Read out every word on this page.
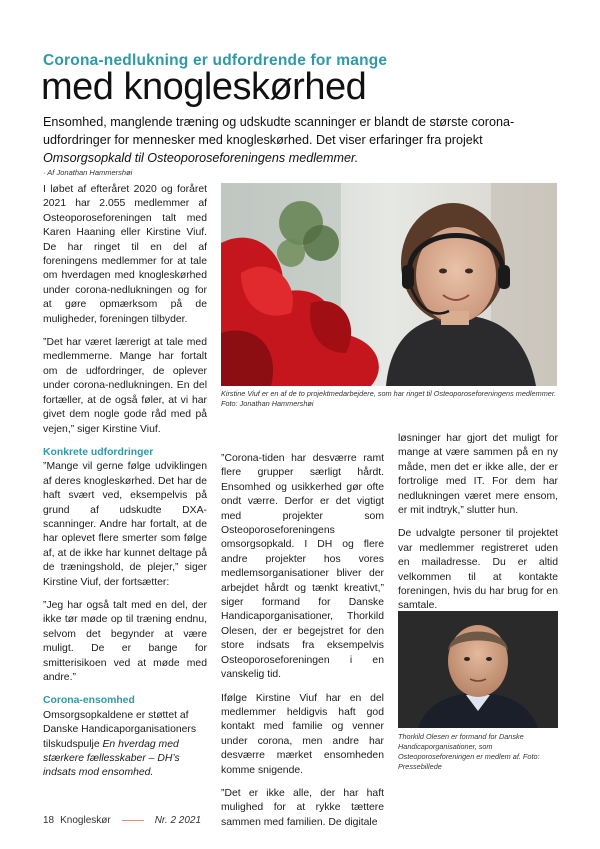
Corona-nedlukning er udfordrende for mange
med knogleskørhed
Ensomhed, manglende træning og udskudte scanninger er blandt de største corona-udfordringer for mennesker med knogleskørhed. Det viser erfaringer fra projekt Omsorgsopkald til Osteoporoseforeningens medlemmer.
· Af Jonathan Hammershøi

I løbet af efteråret 2020 og foråret 2021 har 2.055 medlemmer af Osteoporoseforeningen talt med Karen Haaning eller Kirstine Viuf. De har ringet til en del af foreningens medlemmer for at tale om hverdagen med knogleskørhed under corona-nedlukningen og for at gøre opmærksom på de muligheder, foreningen tilbyder.

”Det har været lærerigt at tale med medlemmerne. Mange har fortalt om de udfordringer, de oplever under corona-nedlukningen. En del fortæller, at de også føler, at vi har givet dem nogle gode råd med på vejen,” siger Kirstine Viuf.

Konkrete udfordringer

”Mange vil gerne følge udviklingen af deres knogleskørhed. Det har de haft svært ved, eksempelvis på grund af udskudte DXA-scanninger. Andre har fortalt, at de har oplevet flere smerter som følge af, at de ikke har kunnet deltage på de træningshold, de plejer,” siger Kirstine Viuf, der fortsætter:

”Jeg har også talt med en del, der ikke tør møde op til træning endnu, selvom det begynder at være muligt. De er bange for smitterisikoen ved at møde med andre.”

Corona-ensomhed

Omsorgsopkaldene er støttet af Danske Handicaporganisationers tilskudspulje En hverdag med stærkere fællesskaber – DH’s indsats mod ensomhed.

Kirstine Viuf er en af de to projektmedarbejdere, som har ringet til Osteoporoseforeningens medlemmer. Foto: Jonathan Hammershøi

”Corona-tiden har desværre ramt flere grupper særligt hårdt. Ensomhed og usikkerhed gør ofte ondt værre. Derfor er det vigtigt med projekter som Osteoporoseforeningens omsorgsopkald. I DH og flere andre projekter hos vores medlemsorganisationer bliver der arbejdet hårdt og tænkt kreativt,” siger formand for Danske Handicaporganisationer, Thorkild Olesen, der er begejstret for den store indsats fra eksempelvis Osteoporoseforeningen i en vanskelig tid.

Ifølge Kirstine Viuf har en del medlemmer heldigvis haft god kontakt med familie og venner under corona, men andre har desværre mærket ensomheden komme snigende.

”Det er ikke alle, der har haft mulighed for at rykke tættere sammen med familien. De digitale

løsninger har gjort det muligt for mange at være sammen på en ny måde, men det er ikke alle, der er fortrolige med IT. For dem har nedlukningen været mere ensom, er mit indtryk,” slutter hun.

De udvalgte personer til projektet var medlemmer registreret uden en mailadresse. Du er altid velkommen til at kontakte foreningen, hvis du har brug for en samtale.

Thorkild Olesen er formand for Danske Handicaporganisationer, som Osteoporoseforeningen er medlem af. Foto: Pressebillede
18 Knogleskør	Nr. 2 2021
